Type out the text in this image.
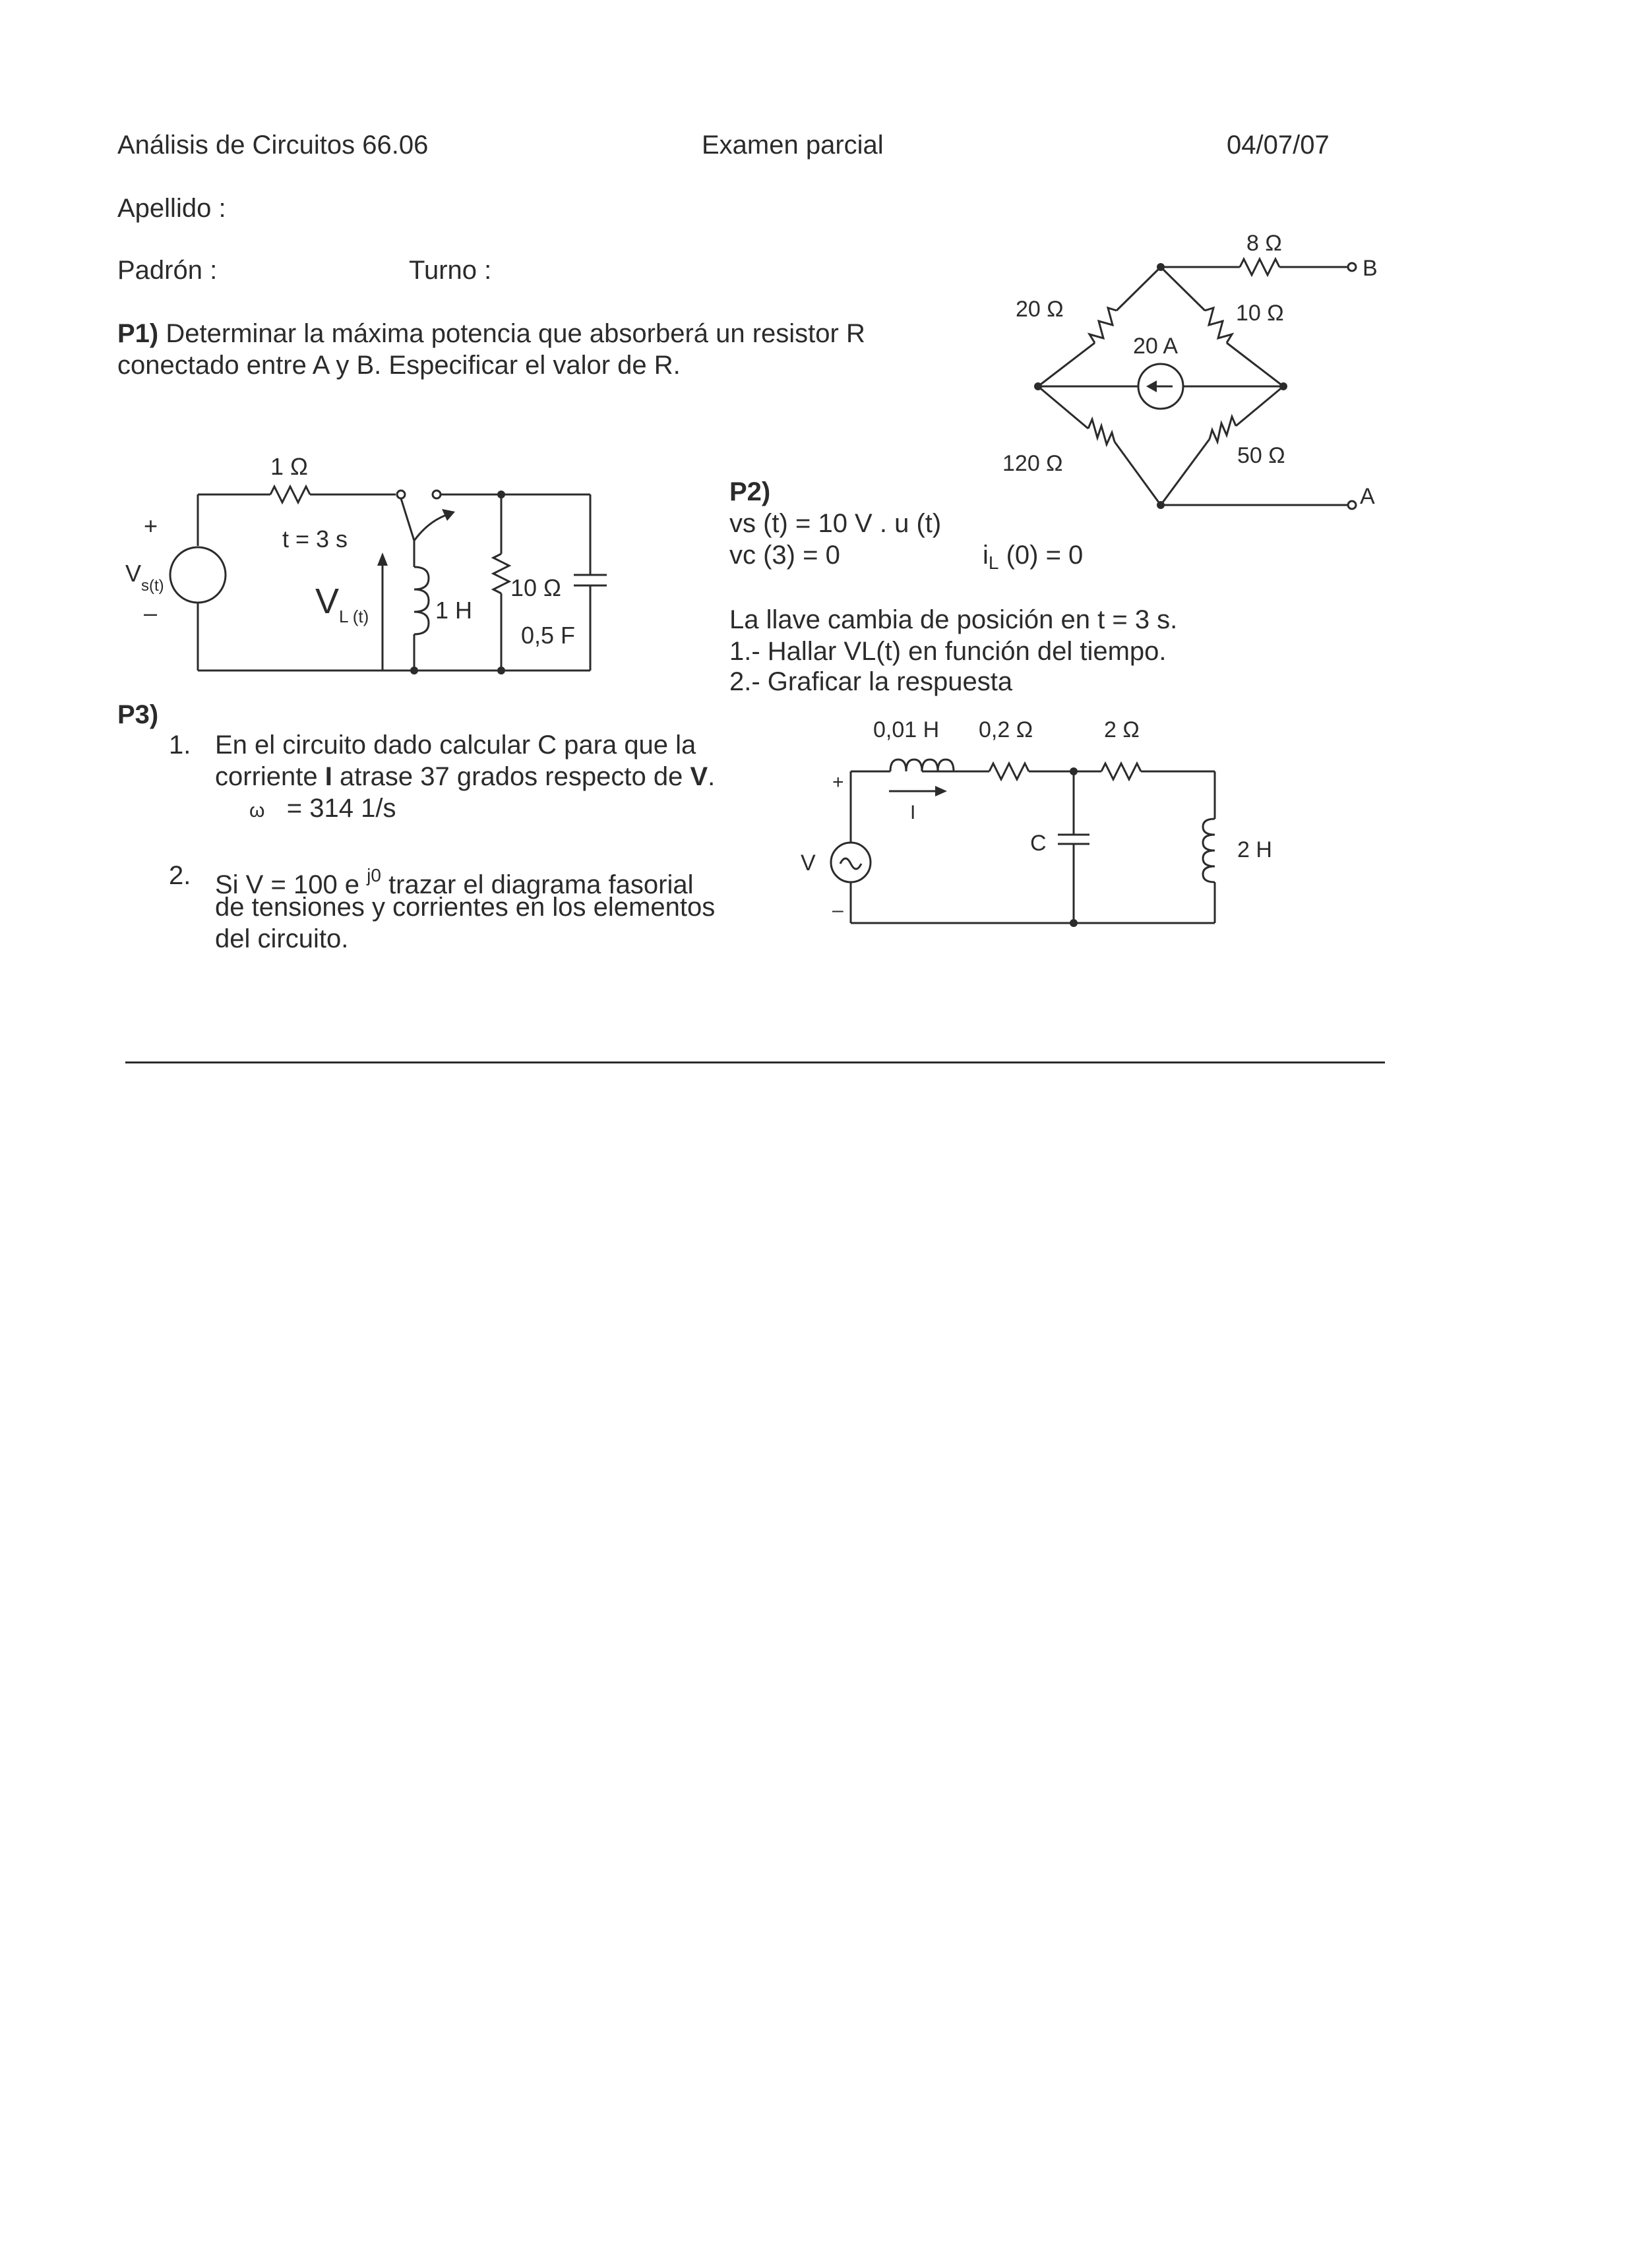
Análisis de Circuitos 66.06	Examen parcial	04/07/07
Apellido :
Padrón :	Turno :
P1) Determinar la máxima potencia que absorberá un resistor R
conectado entre A y B. Especificar el valor de R.
8 Ω
B
20 Ω	10 Ω
20 A
120 Ω	50 Ω
A
1 Ω
t = 3 s
+
–
$V_{s(t)}$	$V_{L (t)}$	1 H
10 Ω
0,5 F
P2)
vs (t) = 10 V . u (t)
vc (3) = 0	$i_L$ (0) = 0
La llave cambia de posición en t = 3 s.
1.- Hallar VL(t) en función del tiempo.
2.- Graficar la respuesta
P3)
1. En el circuito dado calcular C para que la
corriente I atrase 37 grados respecto de V.
ω = 314 1/s
2. Si V = 100 e $^{j0}$ trazar el diagrama fasorial
de tensiones y corrientes en los elementos
del circuito.
0,01 H 0,2 Ω	2 Ω
+
V
–
I
C	2 H
